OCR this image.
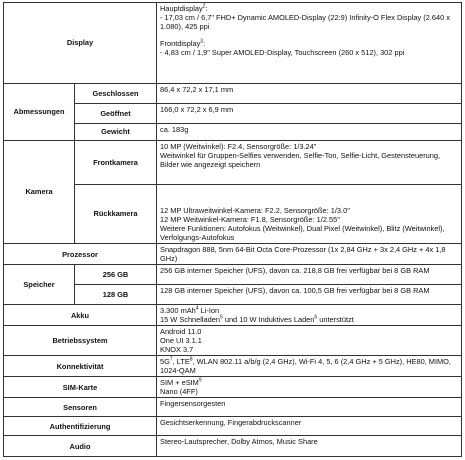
Display		Hauptdisplay$^2$:
- 17,03 cm / 6,7" FHD+ Dynamic AMOLED-Display (22:9) Infinity-O Flex Display (2.640 x 1.080), 425 ppi
Frontdisplay$^3$:
- 4,83 cm / 1,9" Super AMOLED-Display, Touchscreen (260 x 512), 302 ppi

Abmessungen	Geschlossen	86,4 x 72,2 x 17,1 mm
	Geöffnet	166,0 x 72,2 x 6,9 mm
	Gewicht	ca. 183g
Kamera	Frontkamera	10 MP (Weitwinkel): F2.4, Sensorgröße: 1/3.24"
Weitwinkel für Gruppen-Selfies verwenden, Selfie-Ton, Selfie-Licht, Gestensteuerung, Bilder wie angezeigt speichern

	Rückkamera	12 MP Ultraweitwinkel-Kamera: F2.2, Sensorgröße: 1/3.0"
12 MP Weitwinkel-Kamera: F1.8, Sensorgröße: 1/2.55"
Weitere Funktionen: Autofokus (Weitwinkel), Dual Pixel (Weitwinkel), Blitz (Weitwinkel), Verfolgungs-Autofokus

Prozessor		Snapdragon 888, 5nm 64-Bit Octa Core-Prozessor (1x 2,84 GHz + 3x 2,4 GHz + 4x 1,8 GHz)
Speicher	256 GB	256 GB interner Speicher (UFS), davon ca. 218,8 GB frei verfügbar bei 8 GB RAM
	128 GB	128 GB interner Speicher (UFS), davon ca. 100,5 GB frei verfügbar bei 8 GB RAM
Akku		3.300 mAh$^4$ Li-Ion
15 W Schnelladen$^5$ und 10 W Induktives Laden$^6$ unterstützt

Betriebssystem		Android 11.0
One UI 3.1.1
KNOX 3.7

Konnektivität		$5G^7$, LTE$^8$, WLAN 802.11 a/b/g (2,4 GHz), Wi-Fi 4, 5, 6 (2,4 GHz + 5 GHz), HE80, MIMO, 1024-QAM
SIM-Karte		SIM + eSIM$^9$
Nano (4FF)

Sensoren		Fingersensorgesten
Authentifizierung		Gesichtserkennung, Fingerabdruckscanner
Audio		Stereo-Lautsprecher, Dolby Atmos, Music Share
